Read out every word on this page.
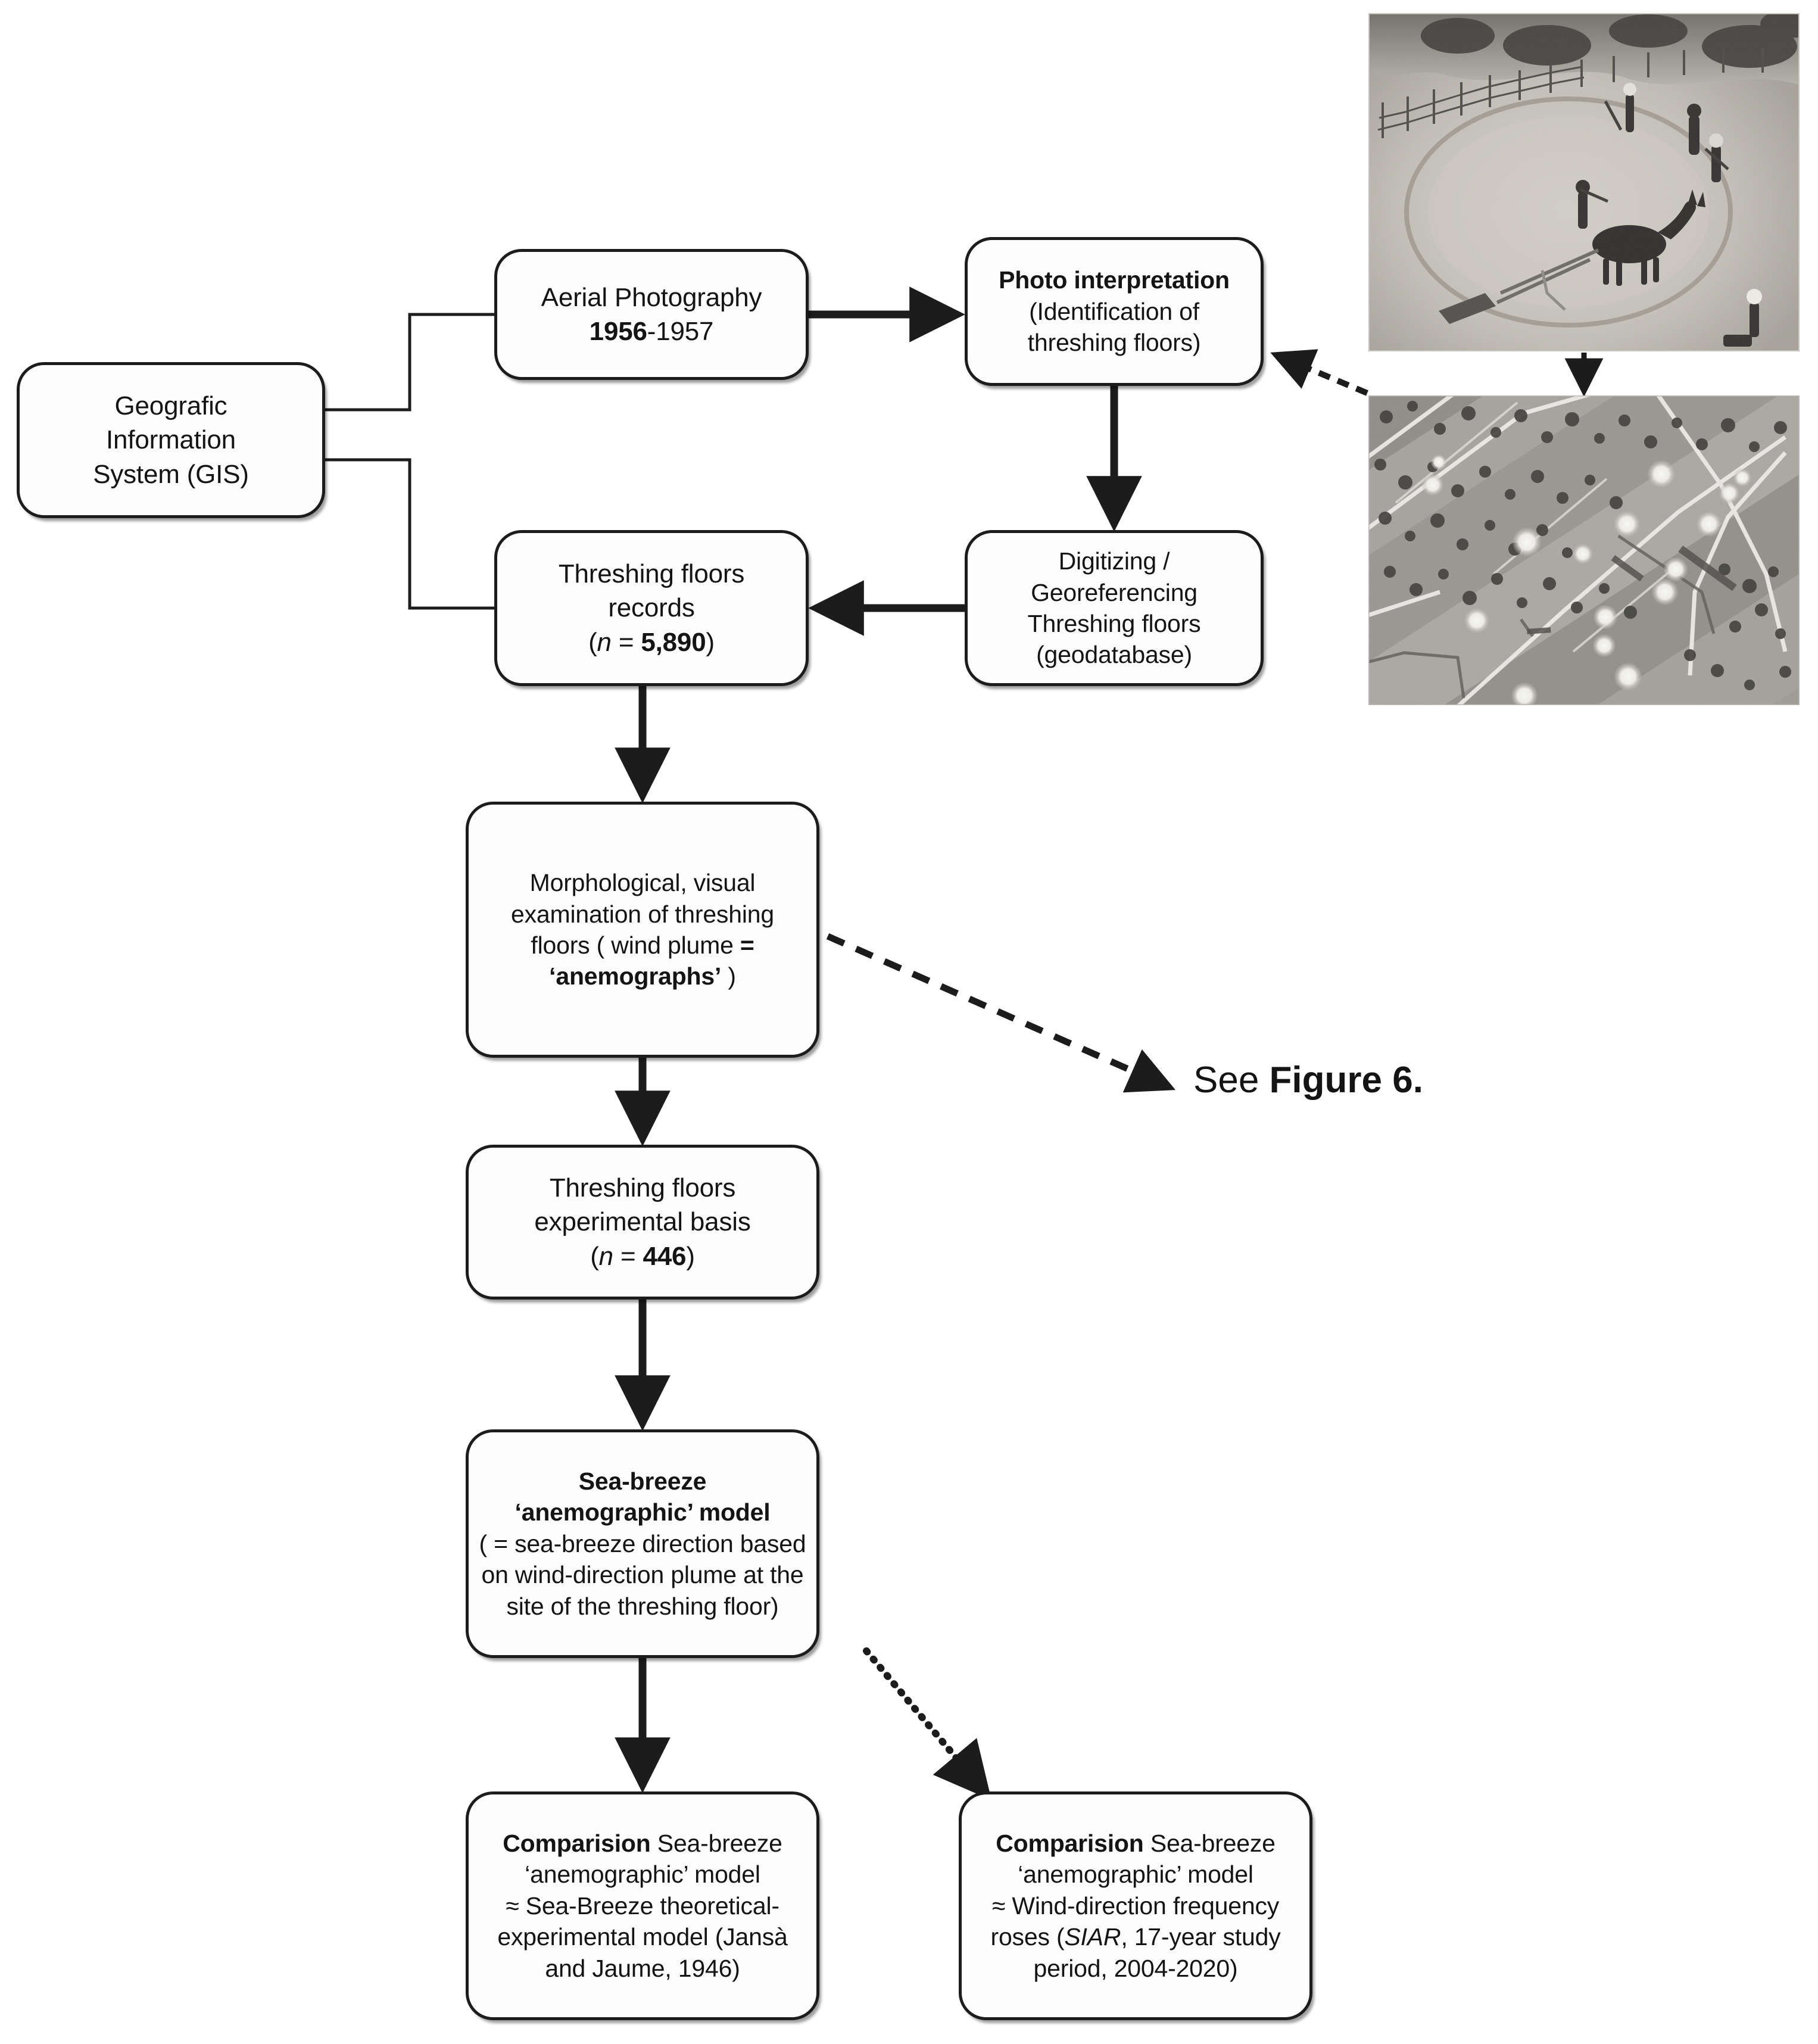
Geografic
Information
System (GIS)
Aerial Photography
1956-1957
Photo interpretation
(Identification of
threshing floors)
Digitizing /
Georeferencing
Threshing floors
(geodatabase)
Threshing floors
records
(n = 5,890)
Morphological, visual
examination of threshing
floors ( wind plume =
‘anemographs’ )
Threshing floors
experimental basis
(n = 446)
Sea-breeze
‘anemographic’ model
( = sea-breeze direction based
on wind-direction plume at the
site of the threshing floor)
Comparision Sea-breeze
‘anemographic’ model
≈ Sea-Breeze theoretical-
experimental model (Jansà
and Jaume, 1946)
Comparision Sea-breeze
‘anemographic’ model
≈ Wind-direction frequency
roses (SIAR, 17-year study
period, 2004-2020)
See Figure 6.
